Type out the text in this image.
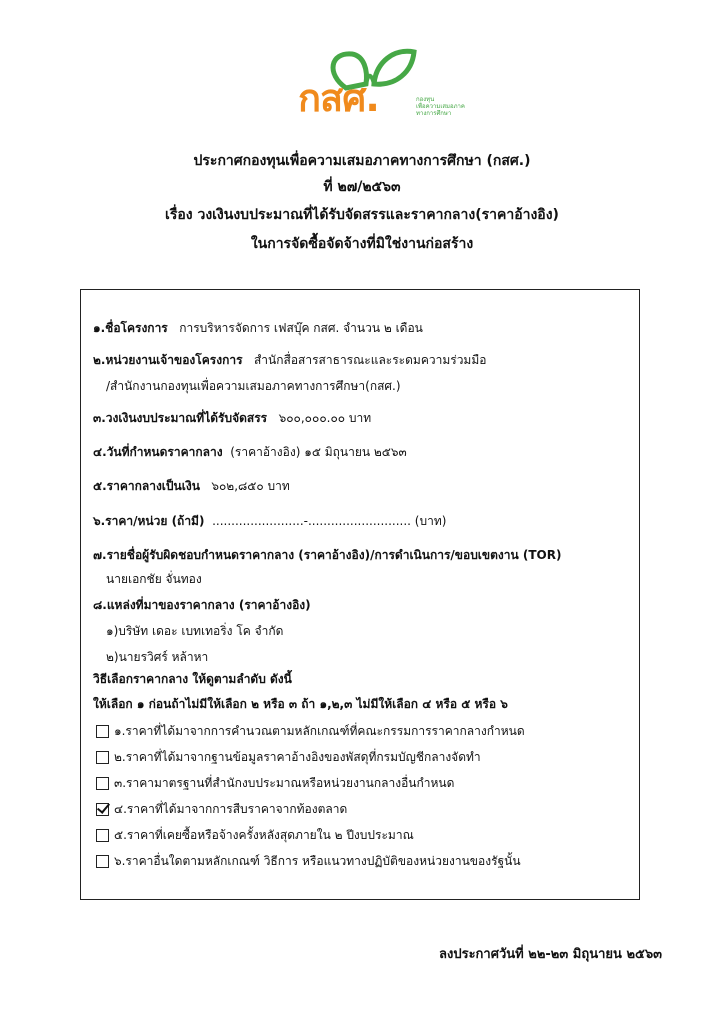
กสศ.	กองทุน
เพื่อความเสมอภาค
ทางการศึกษา
ประกาศกองทุนเพื่อความเสมอภาคทางการศึกษา (กสศ.)
ที่ ๒๗/๒๕๖๓
เรื่อง วงเงินงบประมาณที่ได้รับจัดสรรและราคากลาง(ราคาอ้างอิง)
ในการจัดซื้อจัดจ้างที่มิใช่งานก่อสร้าง
๑.ชื่อโครงการ การบริหารจัดการ เฟสบุ๊ค กสศ. จำนวน ๒ เดือน
๒.หน่วยงานเจ้าของโครงการ สำนักสื่อสารสาธารณะและระดมความร่วมมือ
/สำนักงานกองทุนเพื่อความเสมอภาคทางการศึกษา(กสศ.)
๓.วงเงินงบประมาณที่ได้รับจัดสรร ๖๐๐,๐๐๐.๐๐ บาท
๔.วันที่กำหนดราคากลาง (ราคาอ้างอิง) ๑๕ มิถุนายน ๒๕๖๓
๕.ราคากลางเป็นเงิน ๖๐๒,๘๕๐ บาท
๖.ราคา/หน่วย (ถ้ามี) ........................-........................... (บาท)
๗.รายชื่อผู้รับผิดชอบกำหนดราคากลาง (ราคาอ้างอิง)/การดำเนินการ/ขอบเขตงาน (TOR)
นายเอกชัย จั่นทอง
๘.แหล่งที่มาของราคากลาง (ราคาอ้างอิง)
๑)บริษัท เดอะ เบทเทอริ่ง โค จำกัด
๒)นายรวิศร์ หล้าหา
วิธีเลือกราคากลาง ให้ดูตามลำดับ ดังนี้
ให้เลือก ๑ ก่อนถ้าไม่มีให้เลือก ๒ หรือ ๓ ถ้า ๑,๒,๓ ไม่มีให้เลือก ๔ หรือ ๕ หรือ ๖
๑.ราคาที่ได้มาจากการคำนวณตามหลักเกณฑ์ที่คณะกรรมการราคากลางกำหนด
๒.ราคาที่ได้มาจากฐานข้อมูลราคาอ้างอิงของพัสดุที่กรมบัญชีกลางจัดทำ
๓.ราคามาตรฐานที่สำนักงบประมาณหรือหน่วยงานกลางอื่นกำหนด
๔.ราคาที่ได้มาจากการสืบราคาจากท้องตลาด
๕.ราคาที่เคยซื้อหรือจ้างครั้งหลังสุดภายใน ๒ ปีงบประมาณ
๖.ราคาอื่นใดตามหลักเกณฑ์ วิธีการ หรือแนวทางปฏิบัติของหน่วยงานของรัฐนั้น
ลงประกาศวันที่ ๒๒-๒๓ มิถุนายน ๒๕๖๓
